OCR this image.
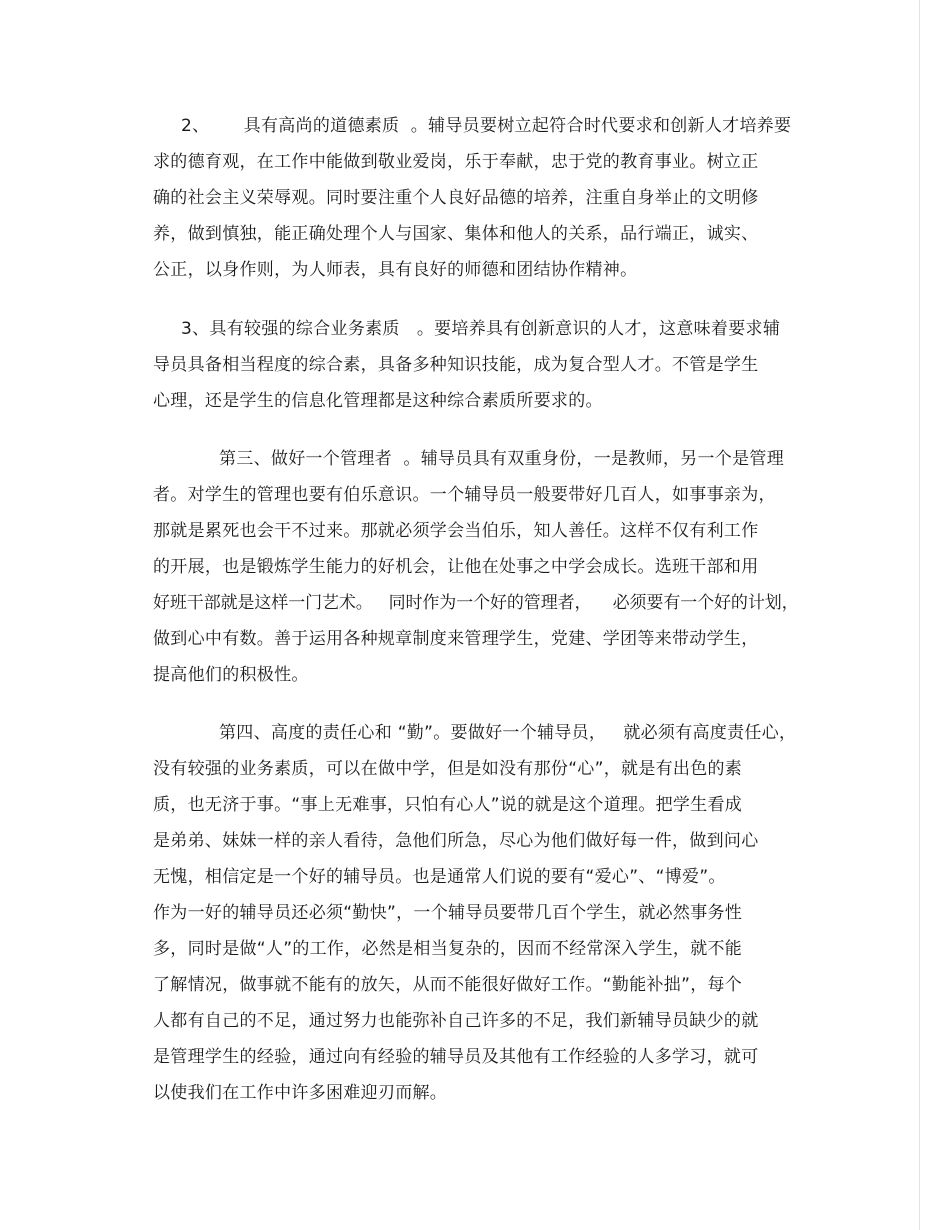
2、      具有高尚的道德素质  。辅导员要树立起符合时代要求和创新人才培养要

求的德育观，在工作中能做到敬业爱岗，乐于奉献，忠于党的教育事业。树立正

确的社会主义荣辱观。同时要注重个人良好品德的培养，注重自身举止的文明修

养，做到慎独，能正确处理个人与国家、集体和他人的关系，品行端正，诚实、

公正，以身作则，为人师表，具有良好的师德和团结协作精神。

3、具有较强的综合业务素质   。要培养具有创新意识的人才，这意味着要求辅

导员具备相当程度的综合素，具备多种知识技能，成为复合型人才。不管是学生

心理，还是学生的信息化管理都是这种综合素质所要求的。

第三、做好一个管理者  。辅导员具有双重身份，一是教师，另一个是管理

者。对学生的管理也要有伯乐意识。一个辅导员一般要带好几百人，如事事亲为，

那就是累死也会干不过来。那就必须学会当伯乐，知人善任。这样不仅有利工作

的开展，也是锻炼学生能力的好机会，让他在处事之中学会成长。选班干部和用

好班干部就是这样一门艺术。   同时作为一个好的管理者，    必须要有一个好的计划，

做到心中有数。善于运用各种规章制度来管理学生，党建、学团等来带动学生，

提高他们的积极性。

第四、高度的责任心和 “勤”。要做好一个辅导员，   就必须有高度责任心，

没有较强的业务素质，可以在做中学，但是如没有那份“心”，就是有出色的素

质，也无济于事。“事上无难事，只怕有心人”说的就是这个道理。把学生看成

是弟弟、妹妹一样的亲人看待，急他们所急，尽心为他们做好每一件，做到问心

无愧，相信定是一个好的辅导员。也是通常人们说的要有“爱心”、“博爱”。

作为一好的辅导员还必须“勤快”，一个辅导员要带几百个学生，就必然事务性

多，同时是做“人”的工作，必然是相当复杂的，因而不经常深入学生，就不能

了解情况，做事就不能有的放矢，从而不能很好做好工作。“勤能补拙”，每个

人都有自己的不足，通过努力也能弥补自己许多的不足，我们新辅导员缺少的就

是管理学生的经验，通过向有经验的辅导员及其他有工作经验的人多学习，就可

以使我们在工作中许多困难迎刃而解。
